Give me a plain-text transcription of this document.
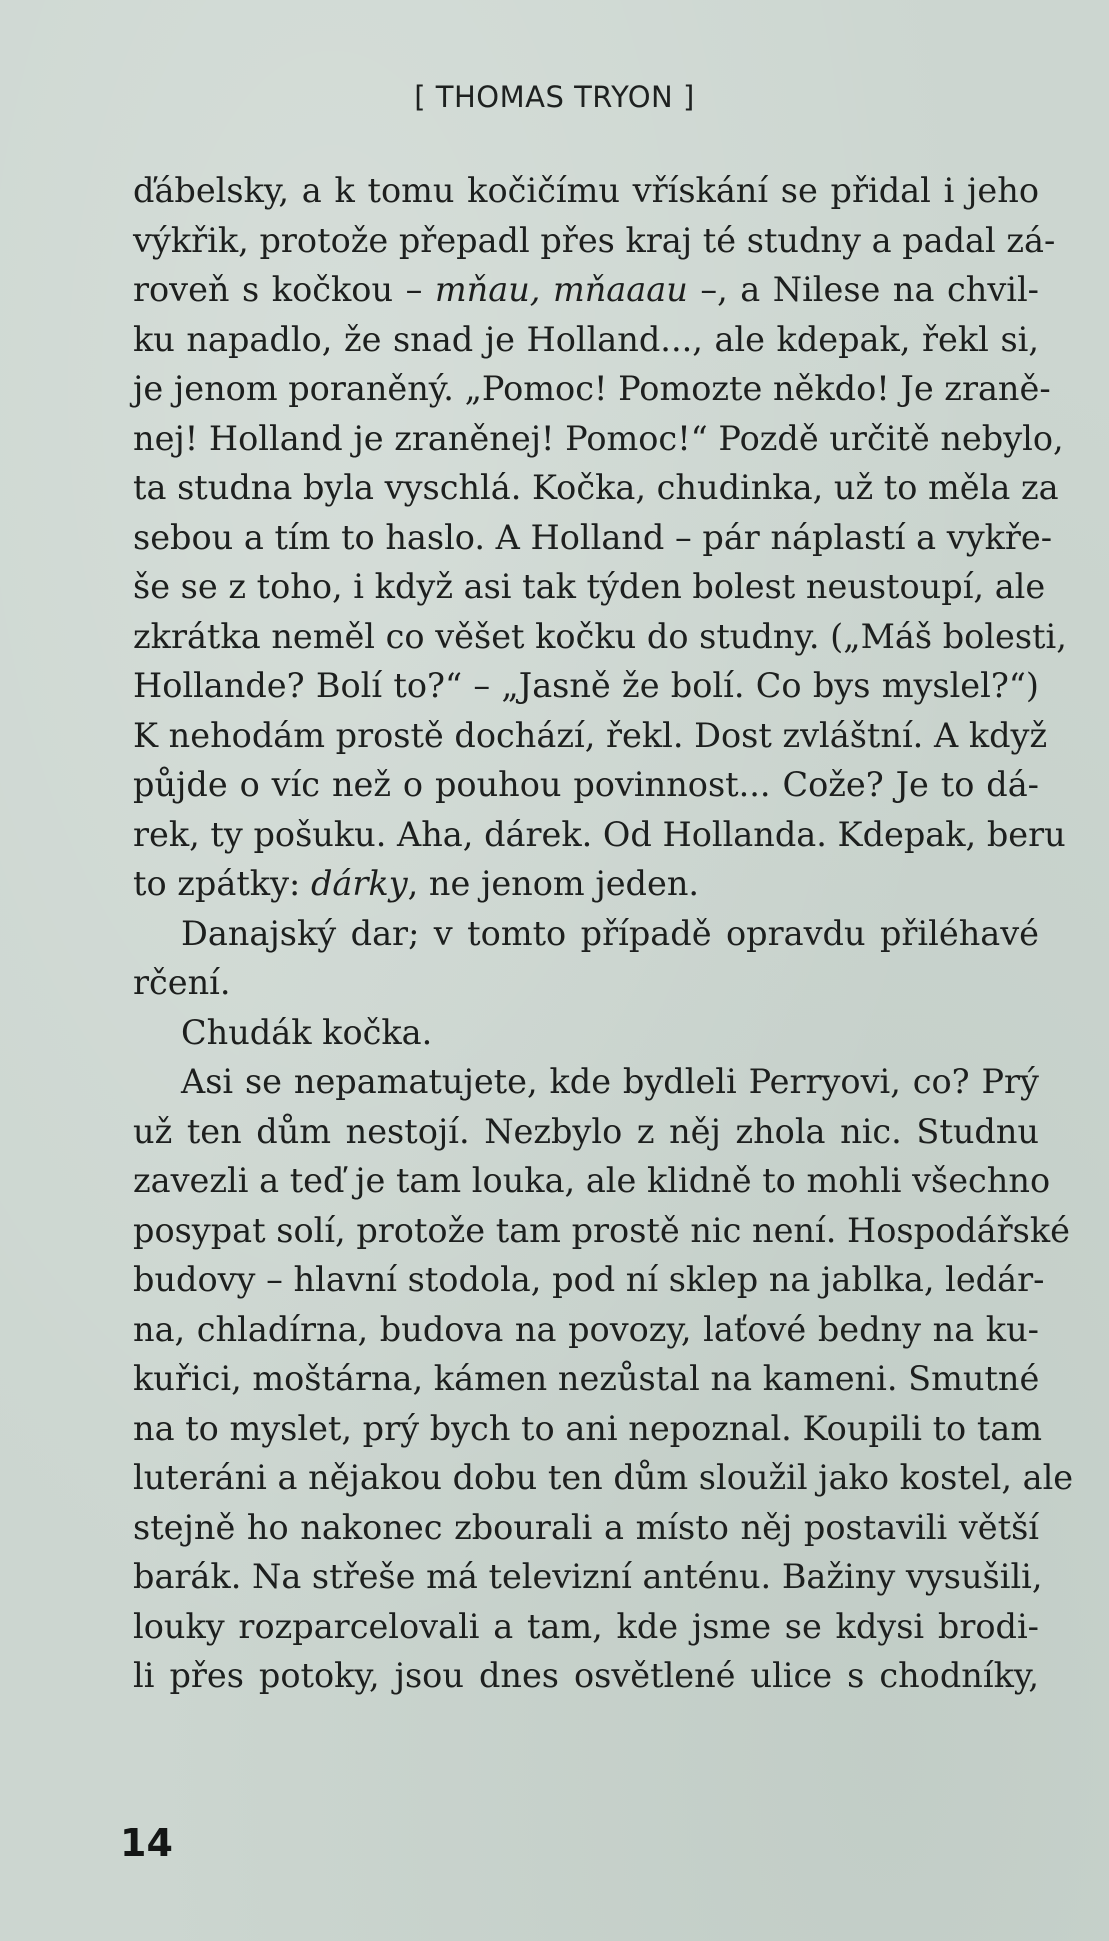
[ THOMAS TRYON ]
ďábelsky, a k tomu kočičímu vřískání se přidal i jeho
výkřik, protože přepadl přes kraj té studny a padal zá-
roveň s kočkou – mňau, mňaaau –, a Nilese na chvil-
ku napadlo, že snad je Holland..., ale kdepak, řekl si,
je jenom poraněný. „Pomoc! Pomozte někdo! Je zraně-
nej! Holland je zraněnej! Pomoc!“ Pozdě určitě nebylo,
ta studna byla vyschlá. Kočka, chudinka, už to měla za
sebou a tím to haslo. A Holland – pár náplastí a vykře-
še se z toho, i když asi tak týden bolest neustoupí, ale
zkrátka neměl co věšet kočku do studny. („Máš bolesti,
Hollande? Bolí to?“ – „Jasně že bolí. Co bys myslel?“)
K nehodám prostě dochází, řekl. Dost zvláštní. A když
půjde o víc než o pouhou povinnost... Cože? Je to dá-
rek, ty pošuku. Aha, dárek. Od Hollanda. Kdepak, beru
to zpátky: dárky, ne jenom jeden.
Danajský dar; v tomto případě opravdu přiléhavé
rčení.
Chudák kočka.
Asi se nepamatujete, kde bydleli Perryovi, co? Prý
už ten dům nestojí. Nezbylo z něj zhola nic. Studnu
zavezli a teď je tam louka, ale klidně to mohli všechno
posypat solí, protože tam prostě nic není. Hospodářské
budovy – hlavní stodola, pod ní sklep na jablka, ledár-
na, chladírna, budova na povozy, laťové bedny na ku-
kuřici, moštárna, kámen nezůstal na kameni. Smutné
na to myslet, prý bych to ani nepoznal. Koupili to tam
luteráni a nějakou dobu ten dům sloužil jako kostel, ale
stejně ho nakonec zbourali a místo něj postavili větší
barák. Na střeše má televizní anténu. Bažiny vysušili,
louky rozparcelovali a tam, kde jsme se kdysi brodi-
li přes potoky, jsou dnes osvětlené ulice s chodníky,
14
